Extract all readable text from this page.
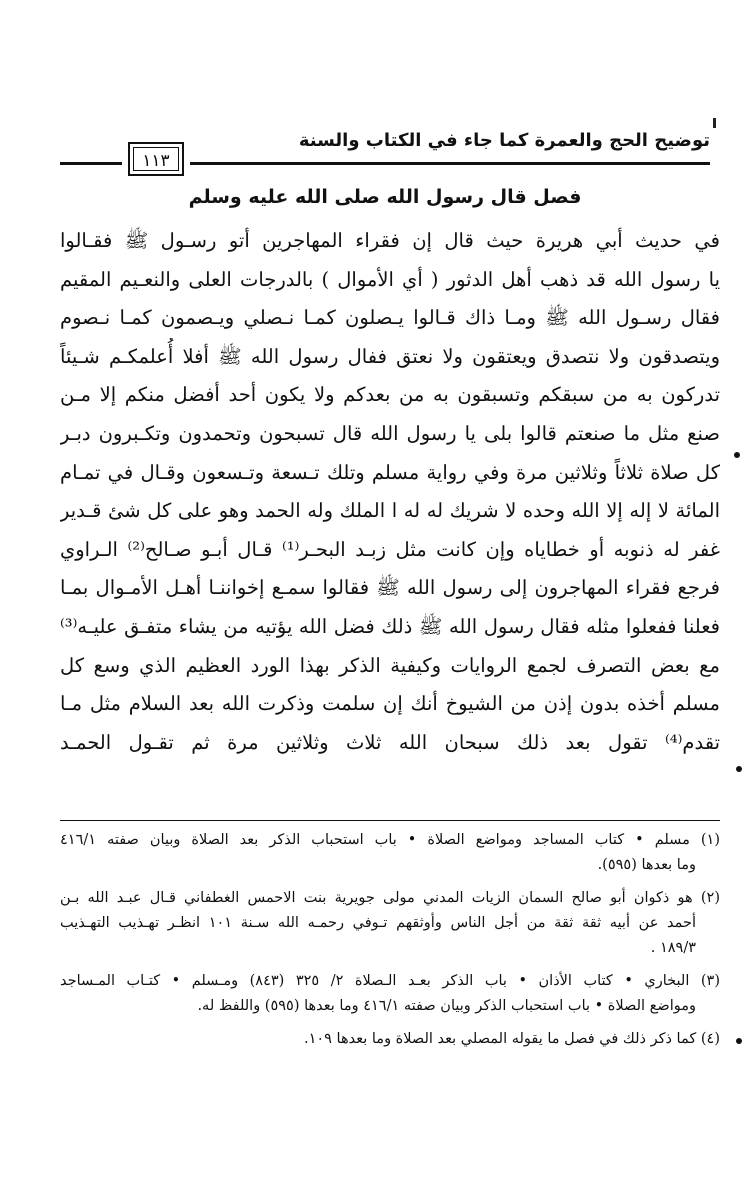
توضيح الحج والعمرة كما جاء في الكتاب والسنة
١١٣
فصل قال رسول الله صلى الله عليه وسلم
في حديث أبي هريرة حيث قال إن فقراء المهاجرين أتو رسـول ﷺ فقـالوا
يا رسول الله قد ذهب أهل الدثور ( أي الأموال ) بالدرجات العلى والنعـيم المقيم
فقال رسـول الله ﷺ ومـا ذاك قـالوا يـصلون كمـا نـصلي ويـصمون كمـا نـصوم
ويتصدقون ولا نتصدق ويعتقون ولا نعتق ففال رسول الله ﷺ أفلا أُعلمكـم شـيئاً
تدركون به من سبقكم وتسبقون به من بعدكم ولا يكون أحد أفضل منكم إلا مـن
صنع مثل ما صنعتم قالوا بلى يا رسول الله قال تسبحون وتحمدون وتكـبرون دبـر
كل صلاة ثلاثاً وثلاثين مرة وفي رواية مسلم وتلك تـسعة وتـسعون وقـال في تمـام
المائة لا إله إلا الله وحده لا شريك له له ا الملك وله الحمد وهو على كل شئ قـدير
غفر له ذنوبه أو خطاياه وإن كانت مثل زبـد البحـر⁽¹⁾ قـال أبـو صـالح⁽²⁾ الـراوي
فرجع فقراء المهاجرون إلى رسول الله ﷺ فقالوا سمـع إخواننـا أهـل الأمـوال بمـا
فعلنا ففعلوا مثله فقال رسول الله ﷺ ذلك فضل الله يؤتيه من يشاء متفـق عليـه⁽³⁾
مع بعض التصرف لجمع الروايات وكيفية الذكر بهذا الورد العظيم الذي وسع كل
مسلم أخذه بدون إذن من الشيوخ أنك إن سلمت وذكرت الله بعد السلام مثل مـا
تقدم⁽⁴⁾ تقول بعد ذلك سبحان الله ثلاث وثلاثين مرة ثم تقـول الحمـد
(١) مسلم • كتاب المساجد ومواضع الصلاة • باب استحباب الذكر بعد الصلاة وبيان صفته ٤١٦/١
وما بعدها (٥٩٥).
(٢) هو ذكوان أبو صالح السمان الزيات المدني مولى جويرية بنت الاحمس الغطفاني قـال عبـد الله بـن
أحمد عن أبيه ثقة ثقة من أجل الناس وأوثقهم تـوفي رحمـه الله سـنة ١٠١ انظـر تهـذيب التهـذيب
١٨٩/٣ .
(٣) البخاري • كتاب الأذان • باب الذكر بعـد الـصلاة ٢/ ٣٢٥ (٨٤٣) ومـسلم • كتـاب المـساجد
ومواضع الصلاة • باب استحباب الذكر وبيان صفته ٤١٦/١ وما بعدها (٥٩٥) واللفظ له.
(٤) كما ذكر ذلك في فصل ما يقوله المصلي بعد الصلاة وما بعدها ١٠٩.
